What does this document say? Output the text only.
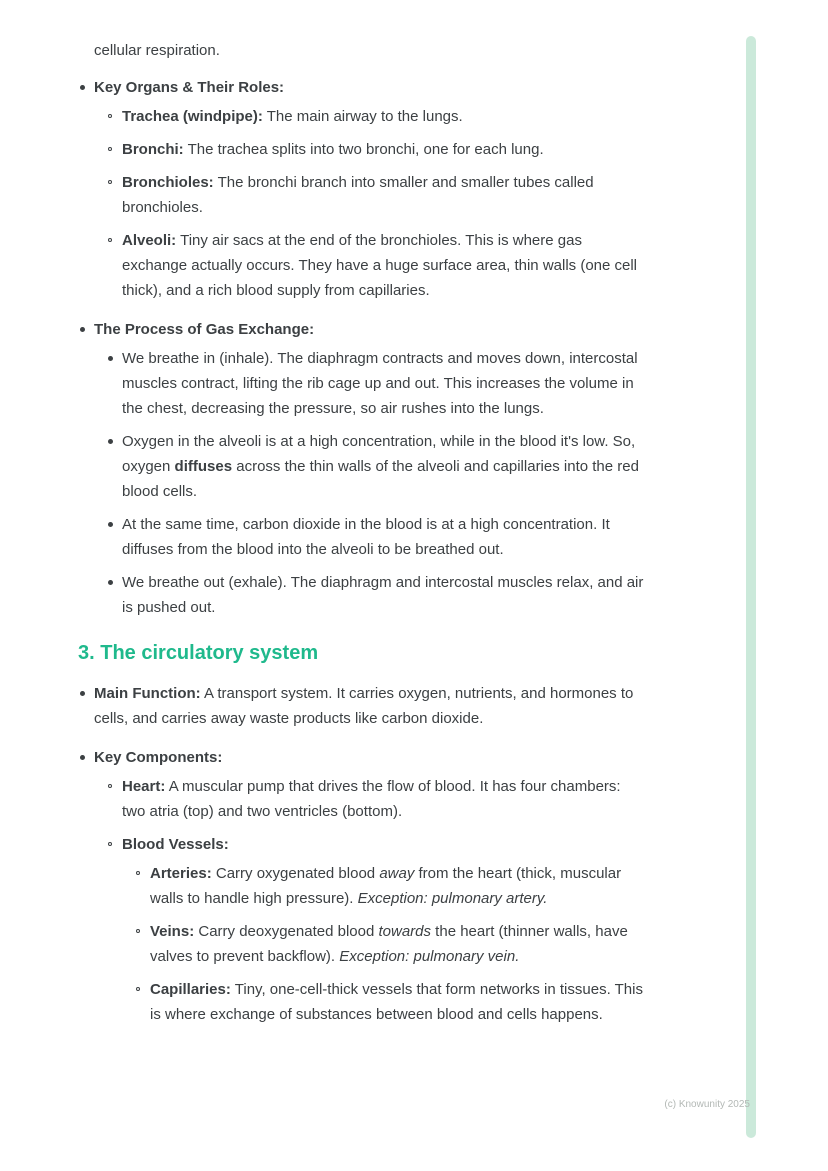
cellular respiration.

Key Organs & Their Roles:
Trachea (windpipe): The main airway to the lungs.
Bronchi: The trachea splits into two bronchi, one for each lung.
Bronchioles: The bronchi branch into smaller and smaller tubes called bronchioles.
Alveoli: Tiny air sacs at the end of the bronchioles. This is where gas exchange actually occurs. They have a huge surface area, thin walls (one cell thick), and a rich blood supply from capillaries.
The Process of Gas Exchange:
We breathe in (inhale). The diaphragm contracts and moves down, intercostal muscles contract, lifting the rib cage up and out. This increases the volume in the chest, decreasing the pressure, so air rushes into the lungs.
Oxygen in the alveoli is at a high concentration, while in the blood it's low. So, oxygen diffuses across the thin walls of the alveoli and capillaries into the red blood cells.
At the same time, carbon dioxide in the blood is at a high concentration. It diffuses from the blood into the alveoli to be breathed out.
We breathe out (exhale). The diaphragm and intercostal muscles relax, and air is pushed out.
3. The circulatory system
Main Function: A transport system. It carries oxygen, nutrients, and hormones to cells, and carries away waste products like carbon dioxide.
Key Components:
Heart: A muscular pump that drives the flow of blood. It has four chambers: two atria (top) and two ventricles (bottom).
Blood Vessels:
Arteries: Carry oxygenated blood away from the heart (thick, muscular walls to handle high pressure). Exception: pulmonary artery.
Veins: Carry deoxygenated blood towards the heart (thinner walls, have valves to prevent backflow). Exception: pulmonary vein.
Capillaries: Tiny, one-cell-thick vessels that form networks in tissues. This is where exchange of substances between blood and cells happens.
(c) Knowunity 2025
